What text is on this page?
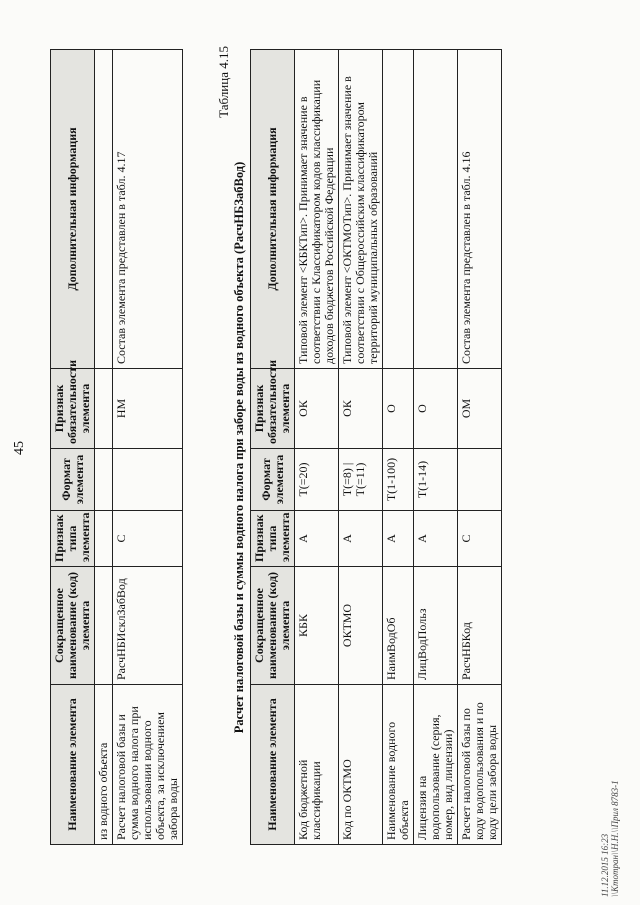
45
Наименование элемента	Сокращенное наименование (код) элемента	Признак типа элемента	Формат элемента	Признак обязательности элемента	Дополнительная информация
из водного объекта					
Расчет налоговой базы и сумма водного налога при использовании водного объекта, за исключением забора воды	РасчНБИсклЗабВод	С		НМ	Состав элемента представлен в табл. 4.17
Таблица 4.15
Расчет налоговой базы и суммы водного налога при заборе воды из водного объекта (РасчНБЗабВод)
Наименование элемента	Сокращенное наименование (код) элемента	Признак типа элемента	Формат элемента	Признак обязательности элемента	Дополнительная информация
Код бюджетной классификации	КБК	А	T(=20)	ОК	Типовой элемент <КБКТип>. Принимает значение в соответствии с Классификатором кодов классификации доходов бюджетов Российской Федерации
Код по ОКТМО	ОКТМО	А	T(=8) | T(=11)	ОК	Типовой элемент <ОКТМОТип>. Принимает значение в соответствии с Общероссийским классификатором территорий муниципальных образований
Наименование водного объекта	НаимВодОб	А	T(1-100)	О	
Лицензия на водопользование (серия, номер, вид лицензии)	ЛицВодПольз	А	T(1-14)	О	
Расчет налоговой базы по коду водопользования и по коду цели забора воды	РасчНБКод	С		ОМ	Состав элемента представлен в табл. 4.16
11.12.2015 16:23 \\Ктотран\\Н.Н.\\Прил 8783-1
